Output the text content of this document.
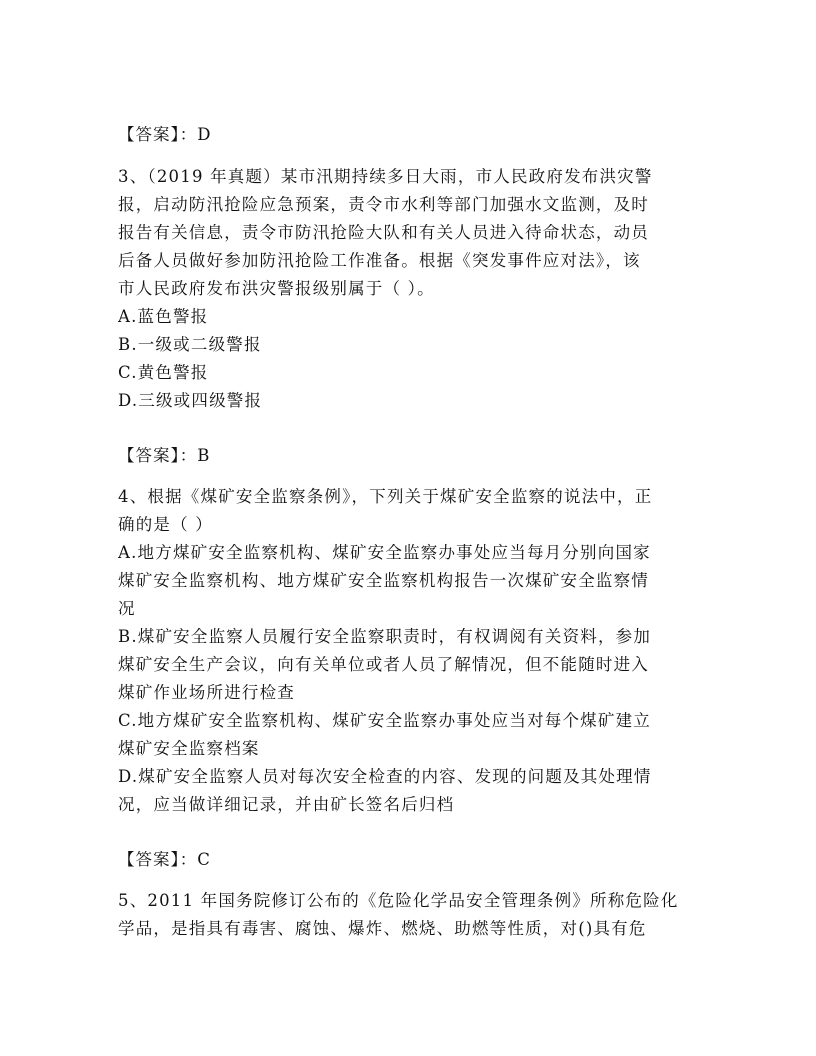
【答案】：D
3、（2019 年真题）某市汛期持续多日大雨，市人民政府发布洪灾警
报，启动防汛抢险应急预案，责令市水利等部门加强水文监测，及时
报告有关信息，责令市防汛抢险大队和有关人员进入待命状态，动员
后备人员做好参加防汛抢险工作准备。根据《突发事件应对法》，该
市人民政府发布洪灾警报级别属于（ ）。
A.蓝色警报
B.一级或二级警报
C.黄色警报
D.三级或四级警报
【答案】：B
4、根据《煤矿安全监察条例》，下列关于煤矿安全监察的说法中，正
确的是（ ）
A.地方煤矿安全监察机构、煤矿安全监察办事处应当每月分别向国家
煤矿安全监察机构、地方煤矿安全监察机构报告一次煤矿安全监察情
况
B.煤矿安全监察人员履行安全监察职责时，有权调阅有关资料，参加
煤矿安全生产会议，向有关单位或者人员了解情况，但不能随时进入
煤矿作业场所进行检查
C.地方煤矿安全监察机构、煤矿安全监察办事处应当对每个煤矿建立
煤矿安全监察档案
D.煤矿安全监察人员对每次安全检查的内容、发现的问题及其处理情
况，应当做详细记录，并由矿长签名后归档
【答案】：C
5、2011 年国务院修订公布的《危险化学品安全管理条例》所称危险化
学品，是指具有毒害、腐蚀、爆炸、燃烧、助燃等性质，对()具有危
